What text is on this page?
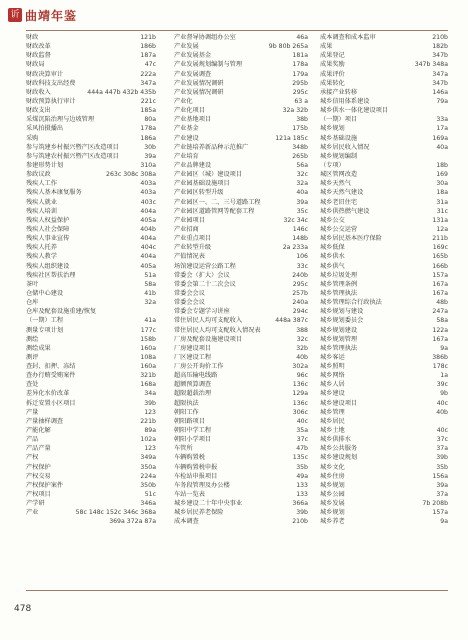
䜣 曲靖年鉴
财政	121b
财政改革	186b
财政监督	187a
财政局	47c
财政决算审计	222a
财政科技支出经费	347a
财政收入	444a 447b 432b 435b
财政预算执行审计	221c
财政支出	185a
采煤沉陷治理与边坡管理	80a
采风拍摄播出	178a
采购	186a
参与筑建乡村振兴暨产区改造项目	30b
参与筑建农村振兴暨产区改造项目	39a
参建形势计划	310a
参政议政	263c 308c 308a
残疾人工作	403a
残疾人基本康复服务	403a
残疾人就业	403c
残疾人培训	404a
残疾人权益保护	405a
残疾人社会保障	404b
残疾人事业宣传	404a
残疾人托养	404c
残疾人教学	404a
残疾人组织建设	405a
残疾社区帮扶治理	51a
茶叶	58a
仓储中心建设	41b
仓库	32a
仓库及配套设施重建/恢复
（一期）工程	41a
测量专项计划	177c
测绘	158b
测绘成果	160a
测评	108a
查封、扣押、冻结	160a
查办行贿受贿案件	321b
查处	168a
差异化水价改革	34a
拆迁安置小区项目	39b
产量	123
产量抽样调查	221b
产能化解	89a
产品	102a
产品产量	123
产权	349a
产权保护	350a
产权交易	224a
产权保护案件	350b
产权项目	51c
产学研	346a
产业	58c 148c 152c 346c 368a
369a 372a 87a
产业督导协调组办公室	46a
产业发展	9b 80b 265a
产业发展基金	181a
产业发展规划编制与管理	178a
产业发展调查	179a
产业发展情况调研	295b
产业发展情况调研	295c
产业化	63 a
产业化项目	32a 32b
产业基地项目	38b
产业基金	175b
产业建设	121a 185c
产业链培养新品种示范推广	348b
产业培育	265b
产业品牌建设	56a
产业园区（城）建设项目	32c
产业园基础设施项目	32a
产业园区转型升级	40a
产业园区一、二、三号道路工程	39a
产业园区道路管网等配套工程	35c
产业园项目	32c 34c
产业招商	146c
产业重点项目	148b
产业转型升级	2a 233a
产值情况表	106
场馆建设运营公路工程	33c
常委会（扩大）会议	240b
常委会第二十二次会议	295c
常委会会议	257b
常委会会议	240a
常委会专题学习讲座	294c
常住居民人均可支配收入	448a 387c
常住居民人均可支配收入情况表	388
厂房及配套设施建设项目	32c
厂房建设项目	32b
厂区建设工程	40b
厂房公开询价工作	302a
超高压输电线路	96c
超额预算调查	136c
超限超载治理	129a
超限执法	136c
朝阳工作	306c
朝阳路项目	40c
朝阳中学工程	35a
朝阳小学项目	37c
车管所	47b
车辆购置税	135c
车辆购置税申报	35b
车检站申报项目	49a
车务段管理及办公楼	133
车站一览表	133
城乡建设二十年中央事业	366a
城乡居民养老保险	39b
成本调查	210b
成本调查和成本监审	210b
成果	182b
成果登记	347b
成果奖励	347b 348a
成果评价	347a
成果转化	347b
承接产业转移	146a
城乡信用体系建设	79a
城乡供水一体化建设项目
（一期）项目	33a
城乡规划	17a
城乡基础设施	169a
城乡居民收入情况	40a
城乡规划编制
（专项）	18b
城区管网改造	169
城乡天然气	30a
城乡天然气建设	18a
城乡老旧住宅	31a
城乡供热燃气建设	31c
城乡公交	131a
城乡公交运营	12a
城乡居民基本医疗保险	211b
城乡低保	169c
城乡供水	165b
城乡供气	166b
城乡垃圾处理	157a
城乡管理条例	167a
城乡管理执法	167a
城乡管理综合行政执法	48b
城乡规划与建设	247a
城乡规划委员会	58a
城乡规划建设	122a
城乡规划管理	167a
城乡管理执法	9a
城乡客运	386b
城乡照明	178c
城乡网络	1a
城乡人居	39c
城乡建设	9b
城乡建设项目	40c
城乡管理	40b
城乡居民
城乡土地	40c
城乡供排水	37c
城乡公共服务	37a
城乡建设规划	39b
城乡文化	35b
城乡住房	156a
城乡规划	39a
城乡公园	37a
城乡发展	7b 208b
城乡规划	157a
城乡养老	9a
478
